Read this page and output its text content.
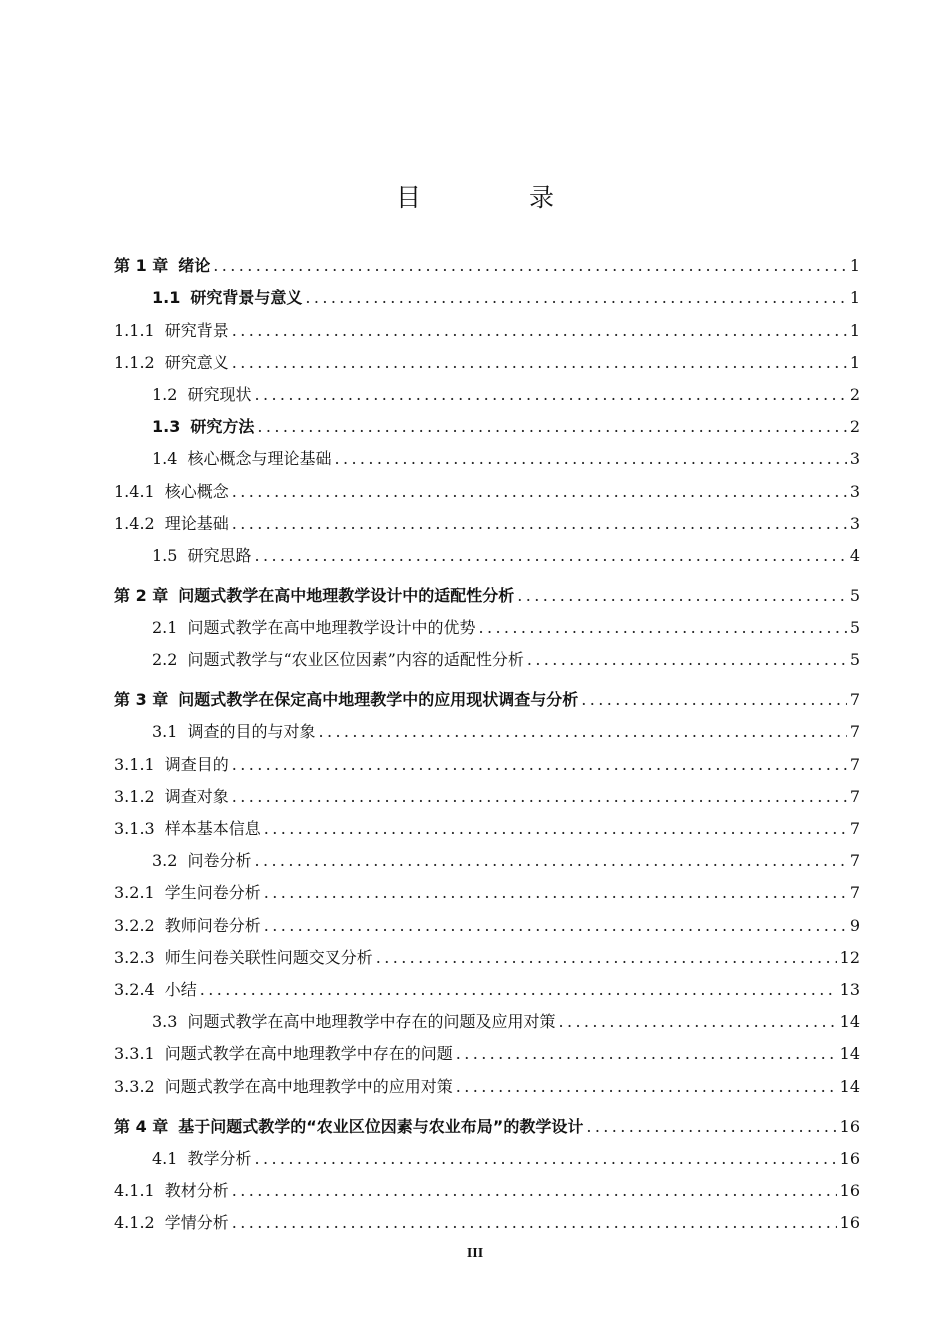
目 录
第 1 章 绪论 .....	1
1.1 研究背景与意义 .....	1
1.1.1 研究背景 .....	1
1.1.2 研究意义 .....	1
1.2 研究现状 .....	2
1.3 研究方法 .....	2
1.4 核心概念与理论基础 .....	3
1.4.1 核心概念 .....	3
1.4.2 理论基础 .....	3
1.5 研究思路 .....	4
第 2 章 问题式教学在高中地理教学设计中的适配性分析 .....	5
2.1 问题式教学在高中地理教学设计中的优势 .....	5
2.2 问题式教学与“农业区位因素”内容的适配性分析 .....	5
第 3 章 问题式教学在保定高中地理教学中的应用现状调查与分析 .....	7
3.1 调查的目的与对象 .....	7
3.1.1 调查目的 .....	7
3.1.2 调查对象 .....	7
3.1.3 样本基本信息 .....	7
3.2 问卷分析 .....	7
3.2.1 学生问卷分析 .....	7
3.2.2 教师问卷分析 .....	9
3.2.3 师生问卷关联性问题交叉分析 .....	12
3.2.4 小结 .....	13
3.3 问题式教学在高中地理教学中存在的问题及应用对策 .....	14
3.3.1 问题式教学在高中地理教学中存在的问题 .....	14
3.3.2 问题式教学在高中地理教学中的应用对策 .....	14
第 4 章 基于问题式教学的“农业区位因素与农业布局”的教学设计 .....	16
4.1 教学分析 .....	16
4.1.1 教材分析 .....	16
4.1.2 学情分析 .....	16
III
